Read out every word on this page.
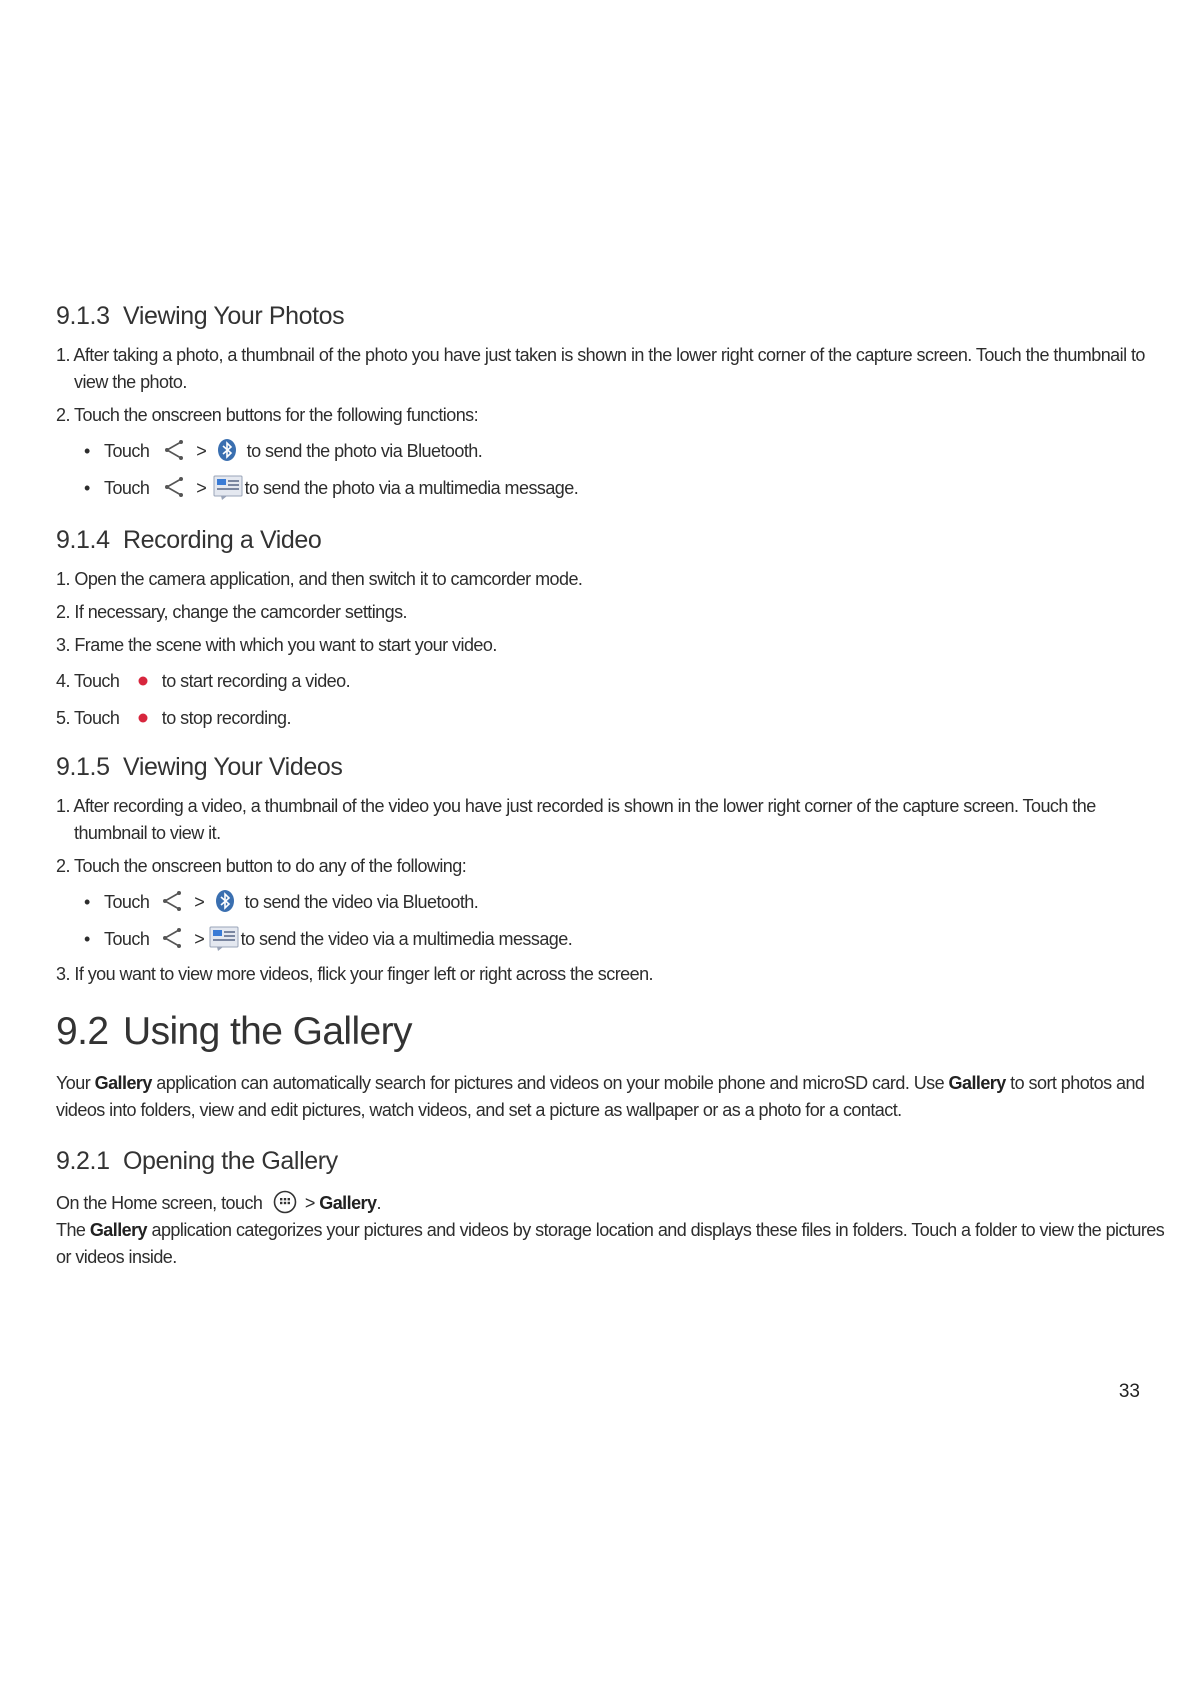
9.1.3 Viewing Your Photos
1. After taking a photo, a thumbnail of the photo you have just taken is shown in the lower right corner of the capture screen. Touch the thumbnail to
view the photo.
2. Touch the onscreen buttons for the following functions:
• Touch	> to send the photo via Bluetooth.
• Touch	> to send the photo via a multimedia message.
9.1.4 Recording a Video
1. Open the camera application, and then switch it to camcorder mode.
2. If necessary, change the camcorder settings.
3. Frame the scene with which you want to start your video.
4. Touch to start recording a video.
5. Touch to stop recording.
9.1.5 Viewing Your Videos
1. After recording a video, a thumbnail of the video you have just recorded is shown in the lower right corner of the capture screen. Touch the
thumbnail to view it.
2. Touch the onscreen button to do any of the following:
• Touch > to send the video via Bluetooth.
• Touch > to send the video via a multimedia message.
3. If you want to view more videos, flick your finger left or right across the screen.
9.2 Using the Gallery
Your Gallery application can automatically search for pictures and videos on your mobile phone and microSD card. Use Gallery to sort photos and
videos into folders, view and edit pictures, watch videos, and set a picture as wallpaper or as a photo for a contact.
9.2.1 Opening the Gallery
On the Home screen, touch > Gallery.
The Gallery application categorizes your pictures and videos by storage location and displays these files in folders. Touch a folder to view the pictures
or videos inside.
33
